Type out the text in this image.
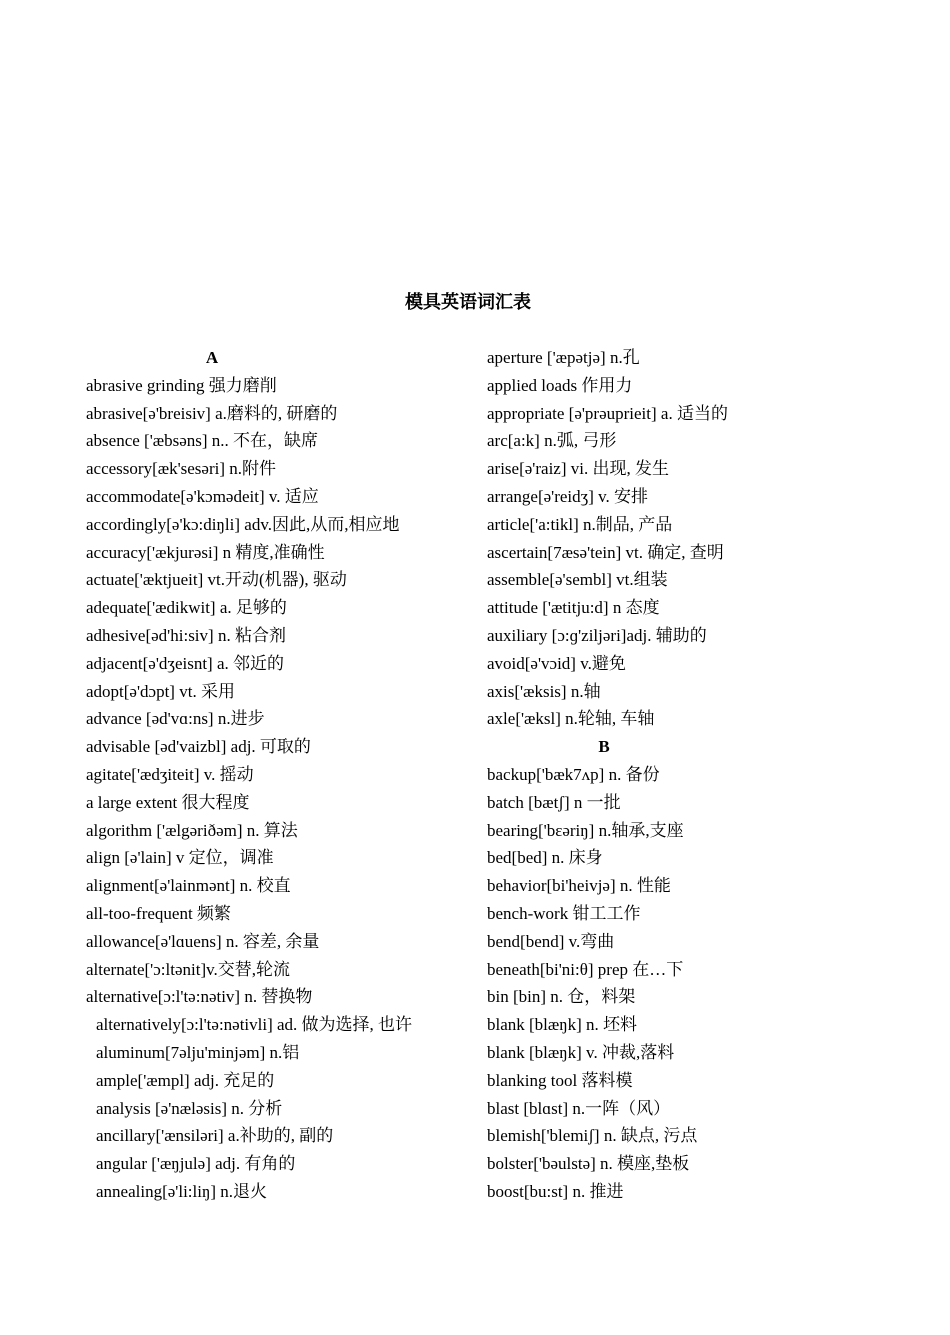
模具英语词汇表
A
abrasive grinding 强力磨削
abrasive[ə'breisiv] a.磨料的, 研磨的
absence ['æbsəns] n.. 不在，缺席
accessory[æk'sesəri] n.附件
accommodate[ə'kɔmədeit] v. 适应
accordingly[ə'kɔ:diŋli] adv.因此,从而,相应地
accuracy['ækjurəsi] n 精度,准确性
actuate['æktjueit] vt.开动(机器), 驱动
adequate['ædikwit] a. 足够的
adhesive[əd'hi:siv] n. 粘合剂
adjacent[ə'dʒeisnt] a. 邻近的
adopt[ə'dɔpt] vt. 采用
advance [əd'vɑ:ns] n.进步
advisable [əd'vaizbl] adj. 可取的
agitate['ædʒiteit] v. 摇动
a large extent 很大程度
algorithm ['ælgəriðəm] n. 算法
align [ə'lain] v 定位，调准
alignment[ə'lainmənt] n. 校直
all-too-frequent 频繁
allowance[ə'lɑuens] n. 容差, 余量
alternate['ɔ:ltənit]v.交替,轮流
alternative[ɔ:l'tə:nətiv] n. 替换物
alternatively[ɔ:l'tə:nətivli] ad. 做为选择, 也许
aluminum[7əlju'minjəm] n.铝
ample['æmpl] adj. 充足的
analysis [ə'næləsis] n. 分析
ancillary['ænsiləri] a.补助的, 副的
angular ['æŋjulə] adj. 有角的
annealing[ə'li:liŋ] n.退火
aperture ['æpətjə] n.孔
applied loads 作用力
appropriate [ə'prəuprieit] a. 适当的
arc[a:k] n.弧, 弓形
arise[ə'raiz] vi. 出现, 发生
arrange[ə'reidʒ] v. 安排
article['a:tikl] n.制品, 产品
ascertain[7æsə'tein] vt. 确定, 查明
assemble[ə'sembl] vt.组装
attitude ['ætitju:d] n 态度
auxiliary [ɔ:ɡ'ziljəri]adj. 辅助的
avoid[ə'vɔid] v.避免
axis['æksis] n.轴
axle['æksl] n.轮轴, 车轴
B
backup['bæk7ʌp] n. 备份
batch [bætʃ] n 一批
bearing['bɛəriŋ] n.轴承,支座
bed[bed] n. 床身
behavior[bi'heivjə] n. 性能
bench-work 钳工工作
bend[bend] v.弯曲
beneath[bi'ni:θ] prep 在…下
bin [bin] n. 仓，料架
blank [blæŋk] n. 坯料
blank [blæŋk] v. 冲裁,落料
blanking tool 落料模
blast [blɑst] n.一阵（风）
blemish['blemiʃ] n. 缺点, 污点
bolster['bəulstə] n. 模座,垫板
boost[bu:st] n. 推进
